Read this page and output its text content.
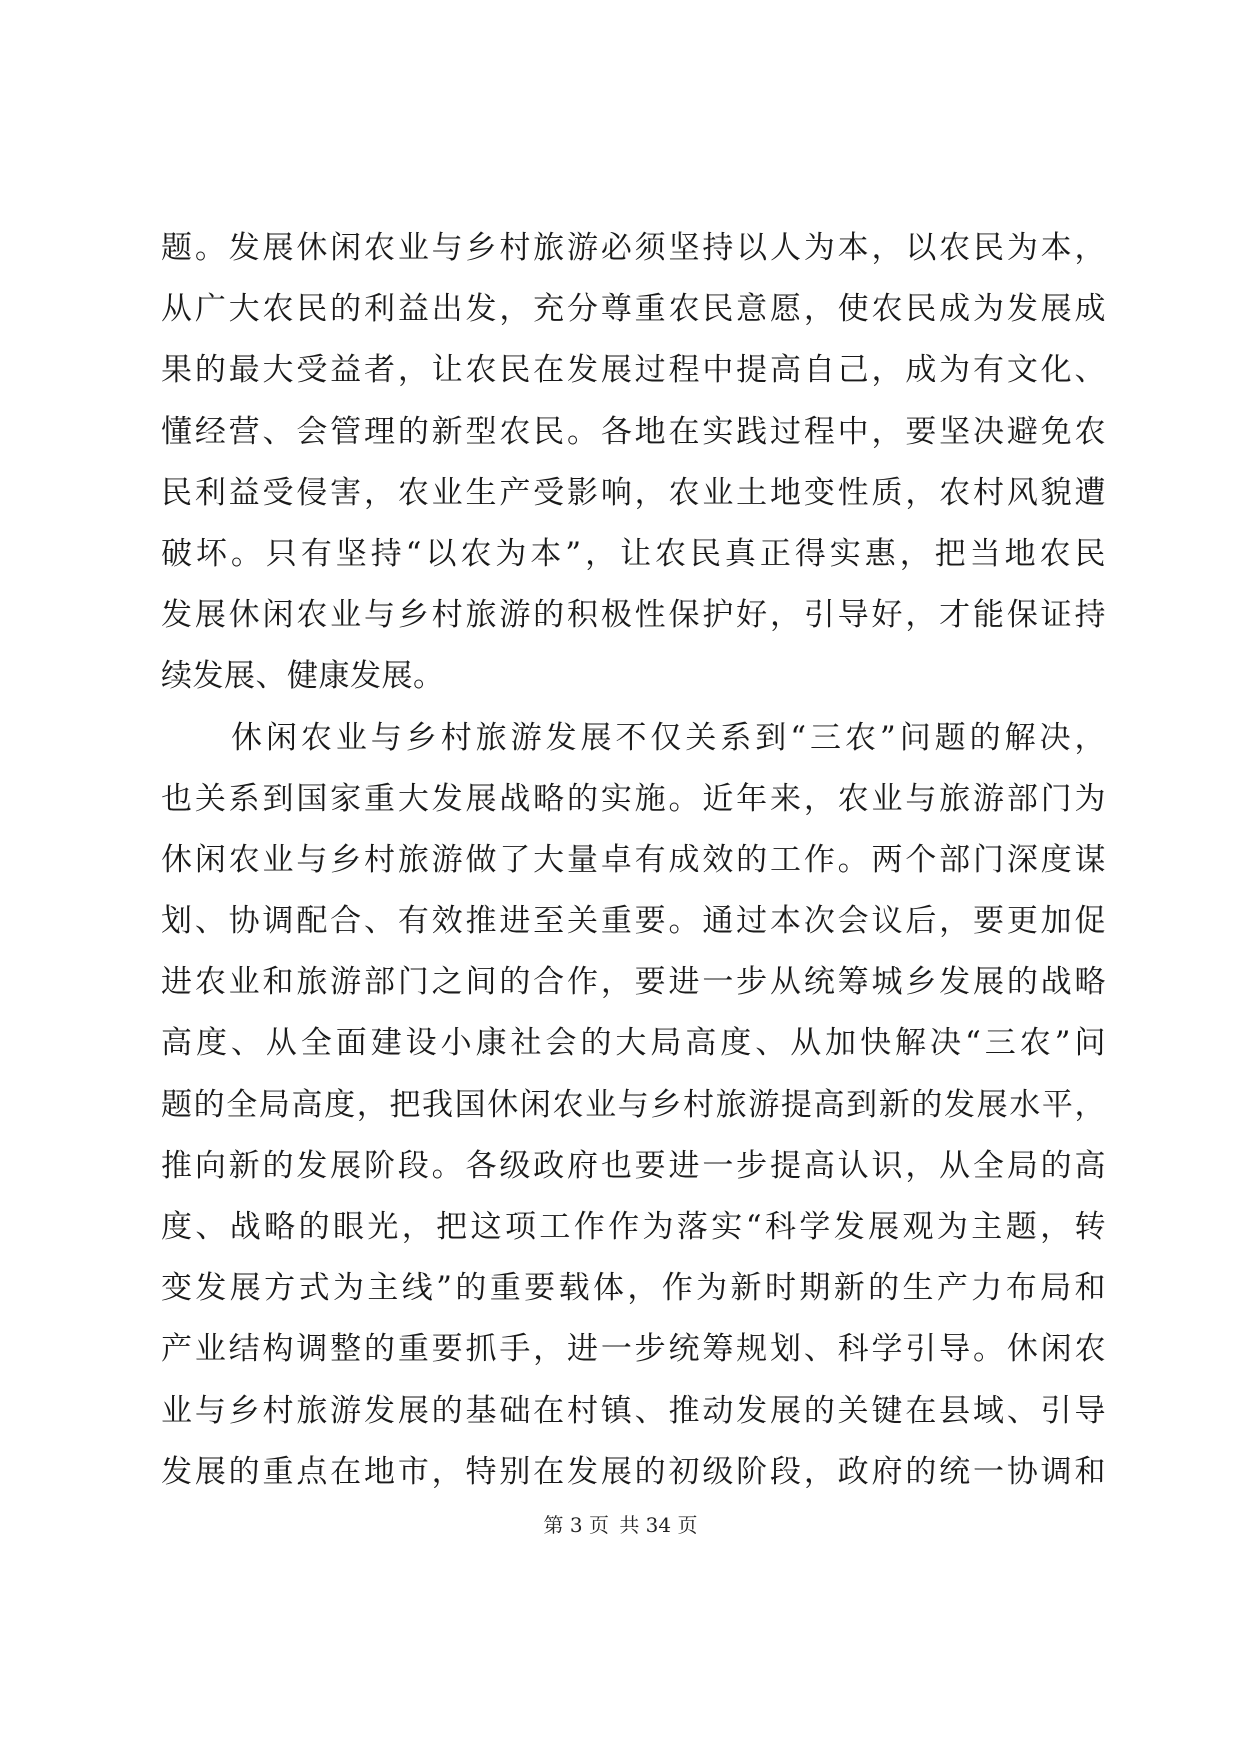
题。发展休闲农业与乡村旅游必须坚持以人为本，以农民为本，
从广大农民的利益出发，充分尊重农民意愿，使农民成为发展成
果的最大受益者，让农民在发展过程中提高自己，成为有文化、
懂经营、会管理的新型农民。各地在实践过程中，要坚决避免农
民利益受侵害，农业生产受影响，农业土地变性质，农村风貌遭
破坏。只有坚持“以农为本”，让农民真正得实惠，把当地农民
发展休闲农业与乡村旅游的积极性保护好，引导好，才能保证持
续发展、健康发展。
休闲农业与乡村旅游发展不仅关系到“三农”问题的解决，
也关系到国家重大发展战略的实施。近年来，农业与旅游部门为
休闲农业与乡村旅游做了大量卓有成效的工作。两个部门深度谋
划、协调配合、有效推进至关重要。通过本次会议后，要更加促
进农业和旅游部门之间的合作，要进一步从统筹城乡发展的战略
高度、从全面建设小康社会的大局高度、从加快解决“三农”问
题的全局高度，把我国休闲农业与乡村旅游提高到新的发展水平，
推向新的发展阶段。各级政府也要进一步提高认识，从全局的高
度、战略的眼光，把这项工作作为落实“科学发展观为主题，转
变发展方式为主线”的重要载体，作为新时期新的生产力布局和
产业结构调整的重要抓手，进一步统筹规划、科学引导。休闲农
业与乡村旅游发展的基础在村镇、推动发展的关键在县域、引导
发展的重点在地市，特别在发展的初级阶段，政府的统一协调和
第 3 页 共 34 页
